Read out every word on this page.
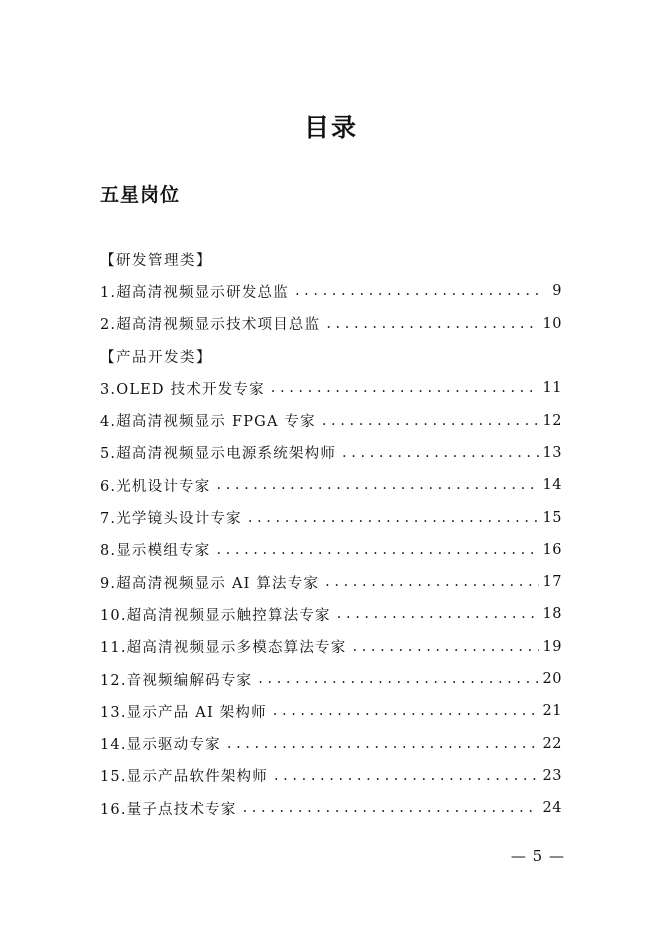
目录
五星岗位
【研发管理类】
1.超高清视频显示研发总监 . . .	9
2.超高清视频显示技术项目总监 . . .	10
【产品开发类】
3.OLED 技术开发专家 . . .	11
4.超高清视频显示 FPGA 专家 . . .	12
5.超高清视频显示电源系统架构师 . . .	13
6.光机设计专家 . . .	14
7.光学镜头设计专家 . . .	15
8.显示模组专家 . . .	16
9.超高清视频显示 AI 算法专家 . . .	17
10.超高清视频显示触控算法专家 . . .	18
11.超高清视频显示多模态算法专家 . . .	19
12.音视频编解码专家 . . .	20
13.显示产品 AI 架构师 . . .	21
14.显示驱动专家 . . .	22
15.显示产品软件架构师 . . .	23
16.量子点技术专家 . . .	24
— 5 —
